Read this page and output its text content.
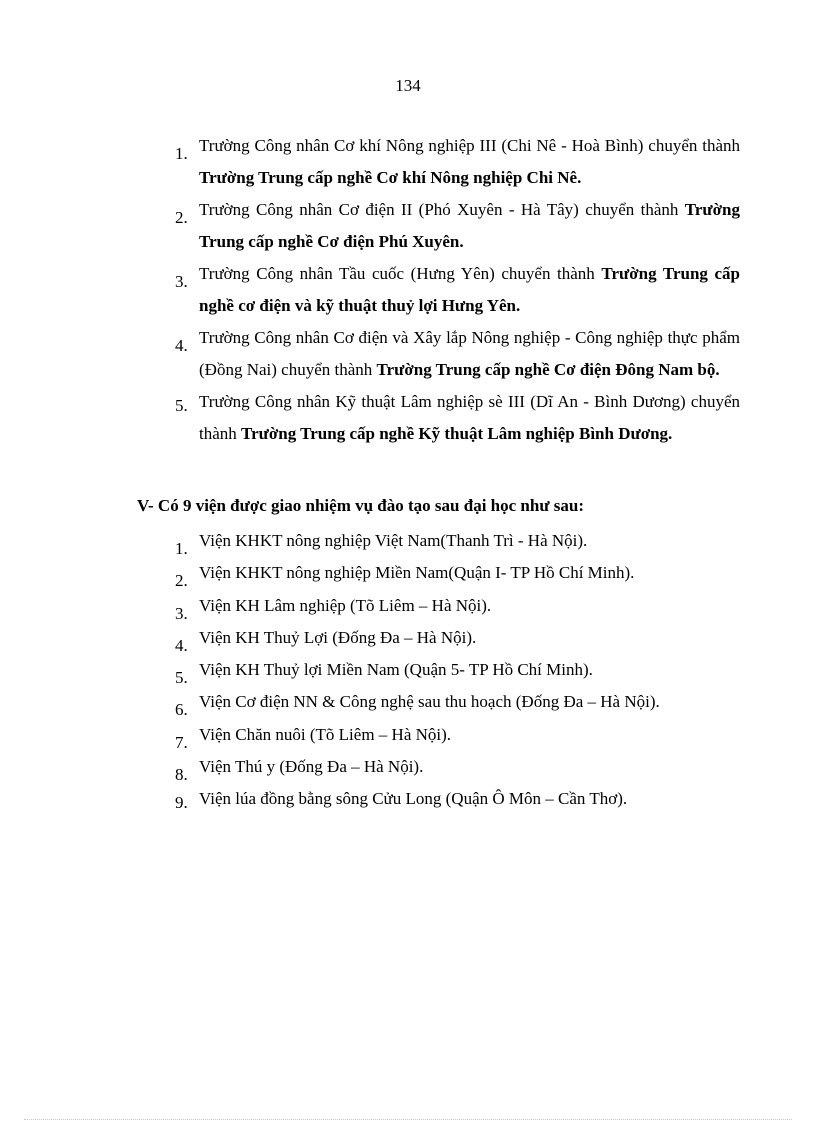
134
1. Trường Công nhân Cơ khí Nông nghiệp III (Chi Nê - Hoà Bình) chuyển thành Trường Trung cấp nghề Cơ khí Nông nghiệp Chi Nê.
2. Trường Công nhân Cơ điện II (Phó Xuyên - Hà Tây) chuyển thành Trường Trung cấp nghề Cơ điện Phú Xuyên.
3. Trường Công nhân Tầu cuốc (Hưng Yên) chuyển thành Trường Trung cấp nghề cơ điện và kỹ thuật thuỷ lợi Hưng Yên.
4. Trường Công nhân Cơ điện và Xây lắp Nông nghiệp - Công nghiệp thực phẩm (Đồng Nai) chuyển thành Trường Trung cấp nghề Cơ điện Đông Nam bộ.
5. Trường Công nhân Kỹ thuật Lâm nghiệp sè III (Dĩ An - Bình Dương) chuyển thành Trường Trung cấp nghề Kỹ thuật Lâm nghiệp Bình Dương.
V- Có 9 viện được giao nhiệm vụ đào tạo sau đại học như sau:
1. Viện KHKT nông nghiệp Việt Nam(Thanh Trì - Hà Nội).
2. Viện KHKT nông nghiệp Miền Nam(Quận I- TP Hồ Chí Minh).
3. Viện KH Lâm nghiệp (Tõ Liêm – Hà Nội).
4. Viện KH Thuỷ Lợi (Đống Đa – Hà Nội).
5. Viện KH Thuỷ lợi Miền Nam (Quận 5- TP Hồ Chí Minh).
6. Viện Cơ điện NN & Công nghệ sau thu hoạch (Đống Đa – Hà Nội).
7. Viện Chăn nuôi (Tõ Liêm – Hà Nội).
8. Viện Thú y (Đống Đa – Hà Nội).
9. Viện lúa đồng bằng sông Cửu Long (Quận Ô Môn – Cần Thơ).
